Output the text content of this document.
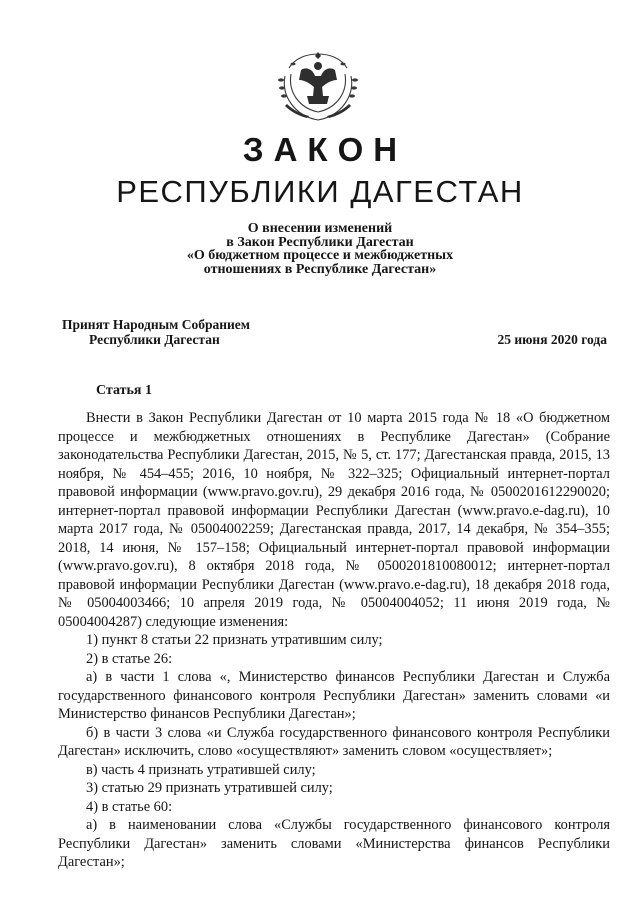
ЗАКОН
РЕСПУБЛИКИ ДАГЕСТАН
О внесении изменений
в Закон Республики Дагестан
«О бюджетном процессе и межбюджетных
отношениях в Республике Дагестан»
Принят Народным Собранием
Республики Дагестан	25 июня 2020 года
Статья 1

Внести в Закон Республики Дагестан от 10 марта 2015 года № 18 «О бюджетном процессе и межбюджетных отношениях в Республике Дагестан» (Собрание законодательства Республики Дагестан, 2015, № 5, ст. 177; Дагестанская правда, 2015, 13 ноября, № 454–455; 2016, 10 ноября, № 322–325; Официальный интернет-портал правовой информации (www.pravo.gov.ru), 29 декабря 2016 года, № 0500201612290020; интернет-портал правовой информации Республики Дагестан (www.pravo.e-dag.ru), 10 марта 2017 года, № 05004002259; Дагестанская правда, 2017, 14 декабря, № 354–355; 2018, 14 июня, № 157–158; Официальный интернет-портал правовой информации (www.pravo.gov.ru), 8 октября 2018 года, № 0500201810080012; интернет-портал правовой информации Республики Дагестан (www.pravo.e-dag.ru), 18 декабря 2018 года, № 05004003466; 10 апреля 2019 года, № 05004004052; 11 июня 2019 года, № 05004004287) следующие изменения:

1) пункт 8 статьи 22 признать утратившим силу;

2) в статье 26:

а) в части 1 слова «, Министерство финансов Республики Дагестан и Служба государственного финансового контроля Республики Дагестан» заменить словами «и Министерство финансов Республики Дагестан»;

б) в части 3 слова «и Служба государственного финансового контроля Республики Дагестан» исключить, слово «осуществляют» заменить словом «осуществляет»;

в) часть 4 признать утратившей силу;

3) статью 29 признать утратившей силу;

4) в статье 60:

а) в наименовании слова «Службы государственного финансового контроля Республики Дагестан» заменить словами «Министерства финансов Республики Дагестан»;
